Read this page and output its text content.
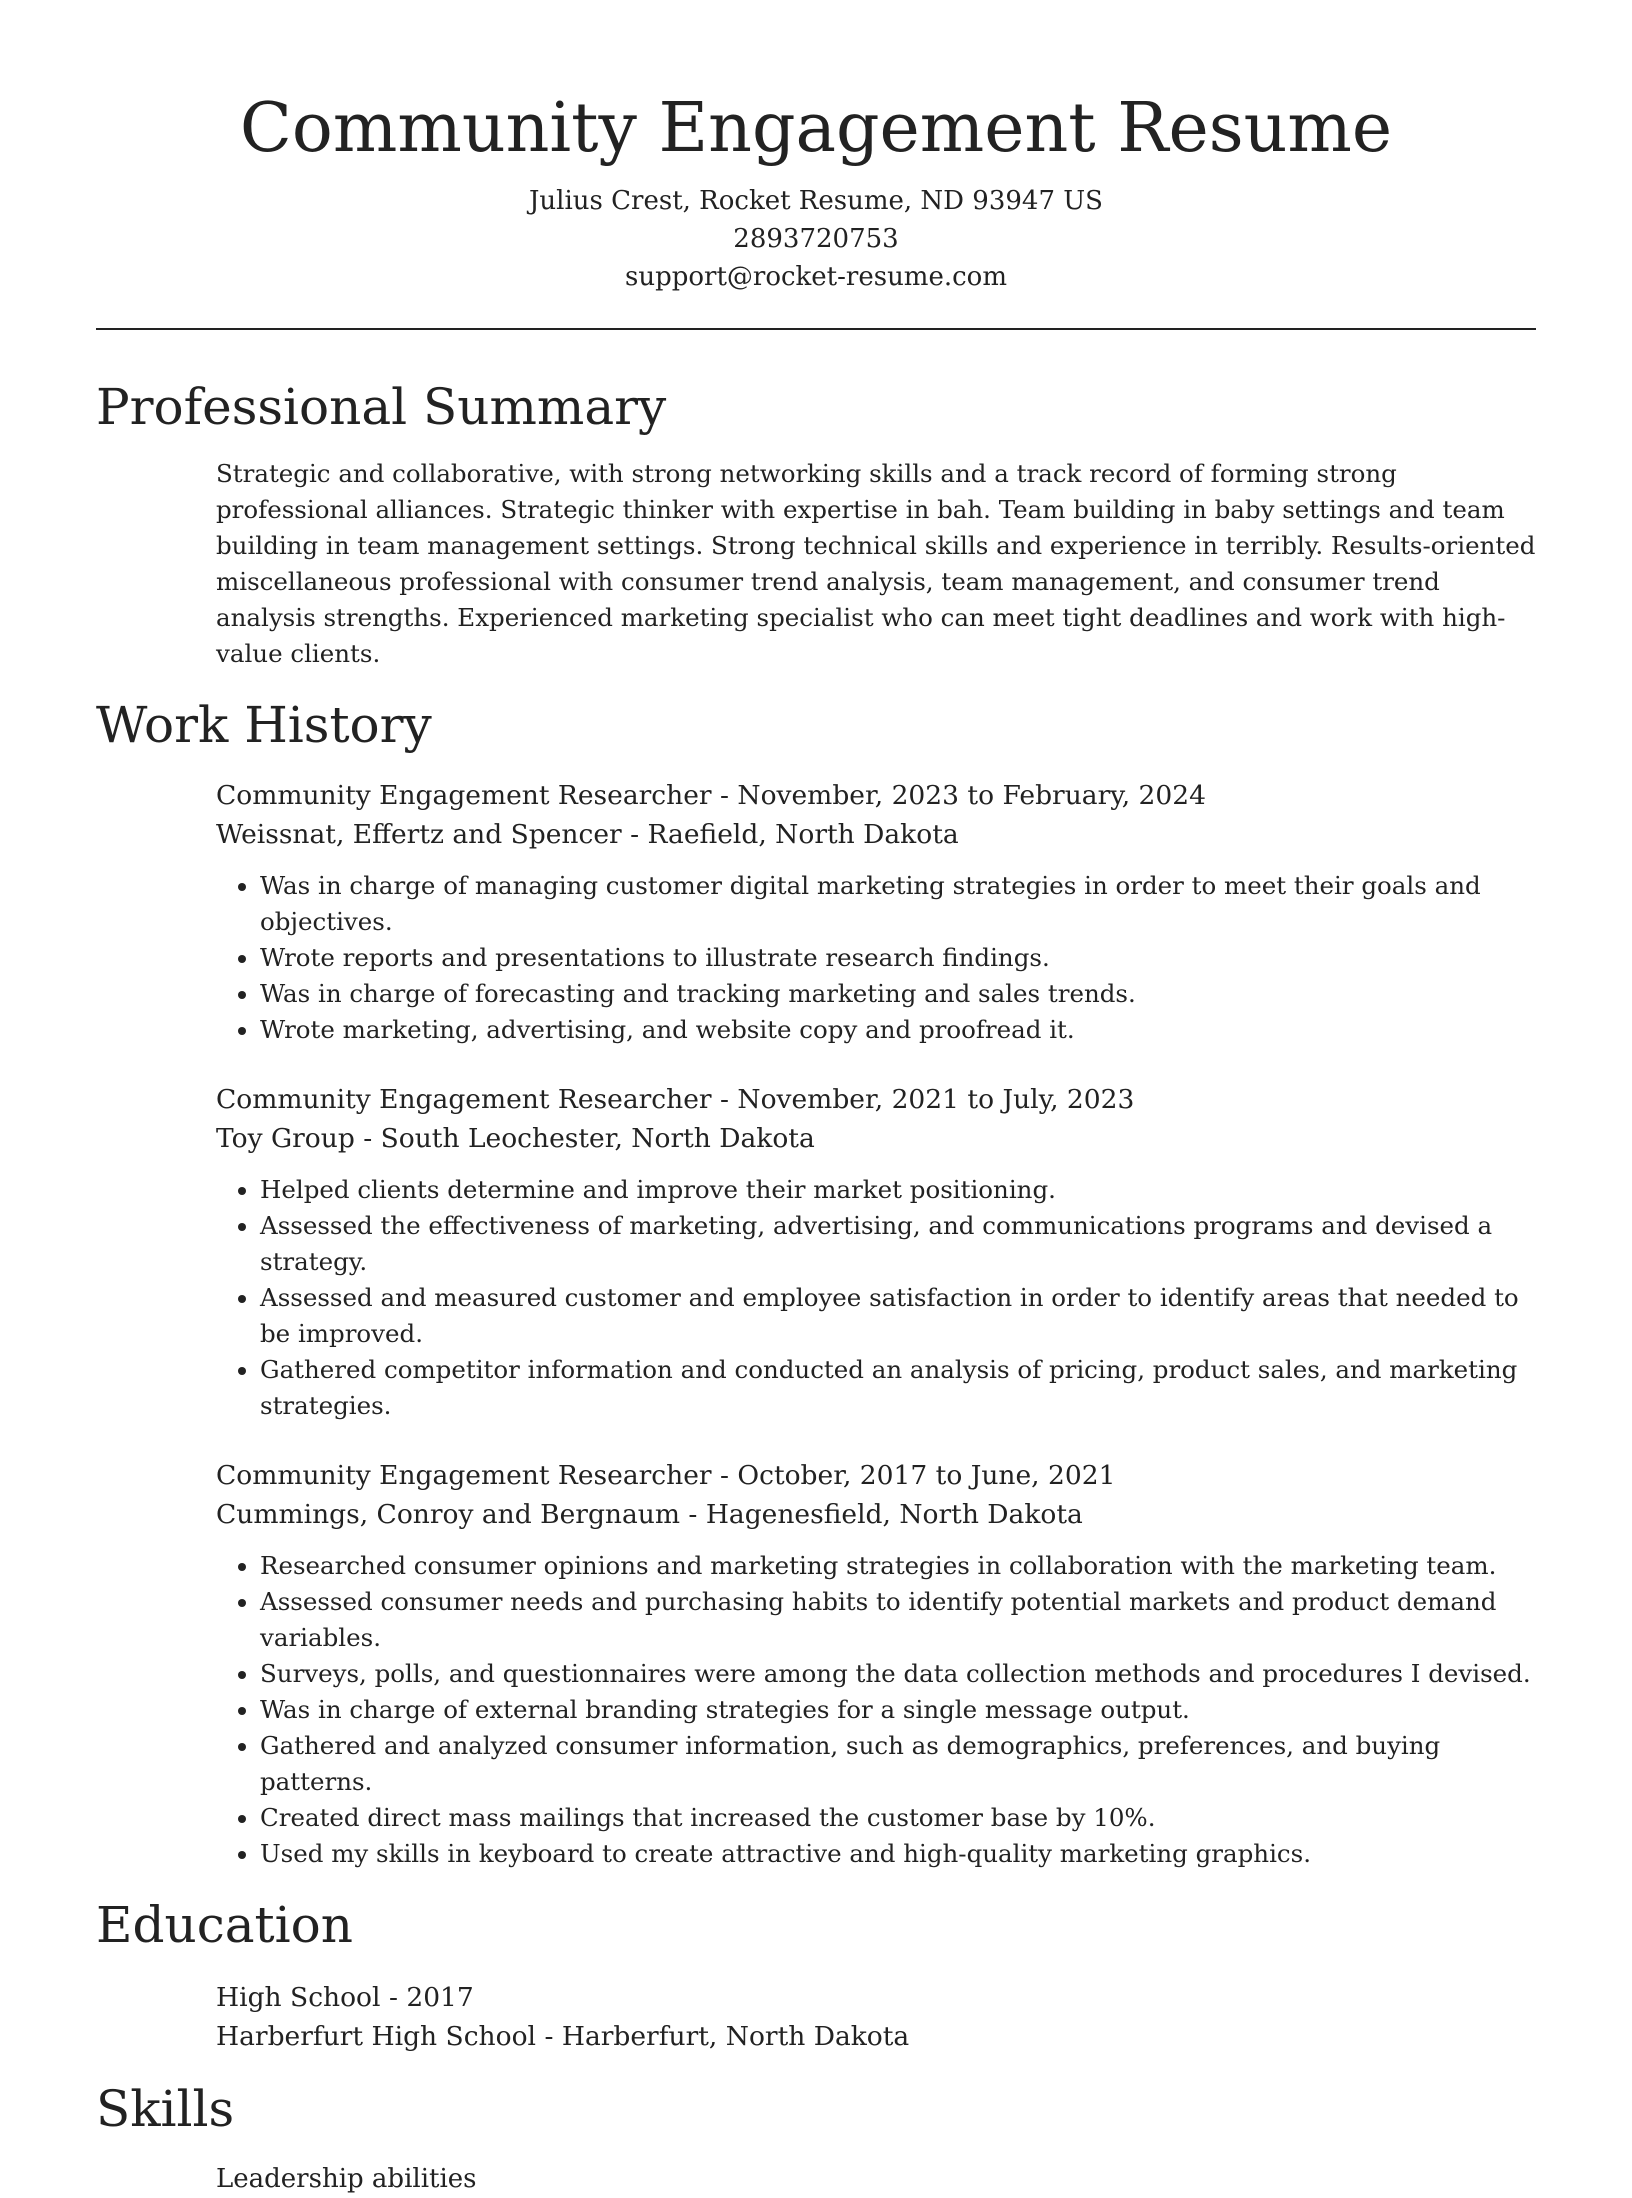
Community Engagement Resume
Julius Crest, Rocket Resume, ND 93947 US
2893720753
support@rocket-resume.com
Professional Summary

Strategic and collaborative, with strong networking skills and a track record of forming strong professional alliances. Strategic thinker with expertise in bah. Team building in baby settings and team building in team management settings. Strong technical skills and experience in terribly. Results-oriented miscellaneous professional with consumer trend analysis, team management, and consumer trend analysis strengths. Experienced marketing specialist who can meet tight deadlines and work with high-value clients.

Work History
Community Engagement Researcher - November, 2023 to February, 2024
Weissnat, Effertz and Spencer - Raefield, North Dakota
• Was in charge of managing customer digital marketing strategies in order to meet their goals and objectives.
• Wrote reports and presentations to illustrate research findings.
• Was in charge of forecasting and tracking marketing and sales trends.
• Wrote marketing, advertising, and website copy and proofread it.
Community Engagement Researcher - November, 2021 to July, 2023
Toy Group - South Leochester, North Dakota
• Helped clients determine and improve their market positioning.
• Assessed the effectiveness of marketing, advertising, and communications programs and devised a strategy.
• Assessed and measured customer and employee satisfaction in order to identify areas that needed to be improved.
• Gathered competitor information and conducted an analysis of pricing, product sales, and marketing strategies.
Community Engagement Researcher - October, 2017 to June, 2021
Cummings, Conroy and Bergnaum - Hagenesfield, North Dakota
• Researched consumer opinions and marketing strategies in collaboration with the marketing team.
• Assessed consumer needs and purchasing habits to identify potential markets and product demand variables.
• Surveys, polls, and questionnaires were among the data collection methods and procedures I devised.
• Was in charge of external branding strategies for a single message output.
• Gathered and analyzed consumer information, such as demographics, preferences, and buying patterns.
• Created direct mass mailings that increased the customer base by 10%.
• Used my skills in keyboard to create attractive and high-quality marketing graphics.
Education
High School - 2017
Harberfurt High School - Harberfurt, North Dakota
Skills
Leadership abilities
